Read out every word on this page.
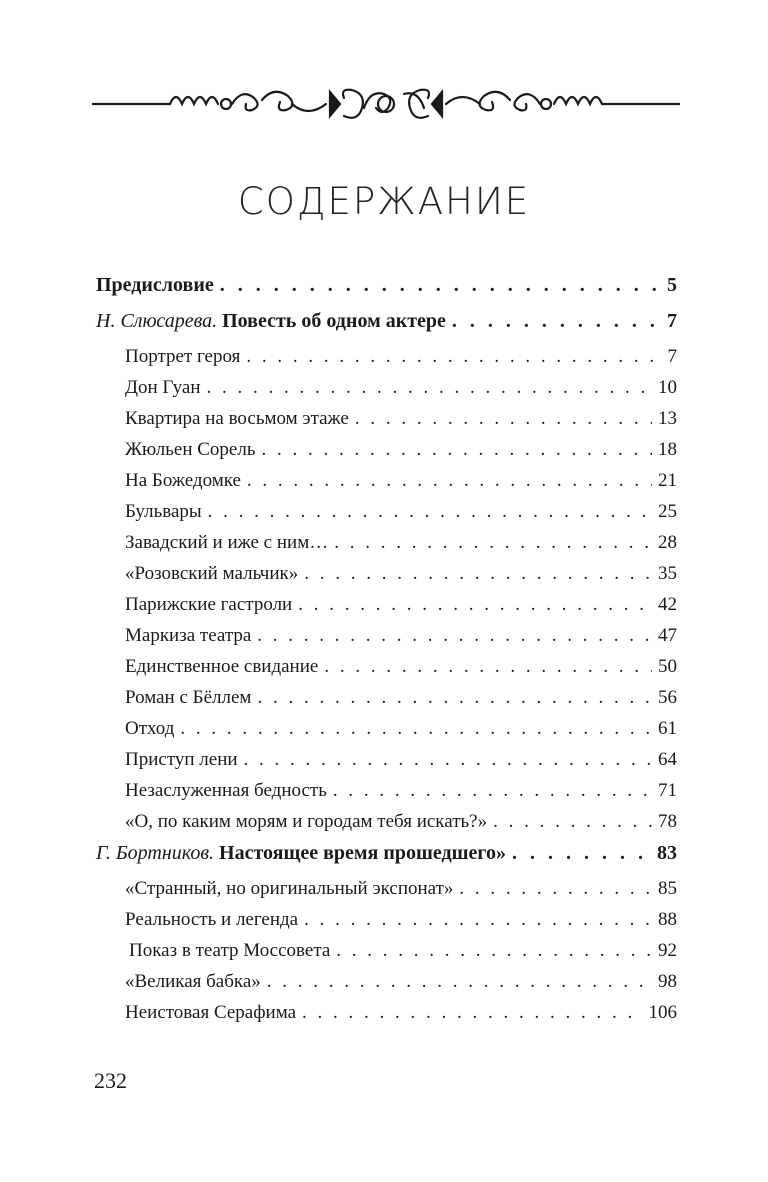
СОДЕРЖАНИЕ
Предисловие . . .	5
Н. Слюсарева. Повесть об одном актере . . .	7
Портрет героя . . .	7
Дон Гуан . . .	10
Квартира на восьмом этаже . . .	13
Жюльен Сорель . . .	18
На Божедомке . . .	21
Бульвары . . .	25
Завадский и иже с ним… . . .	28
«Розовский мальчик» . . .	35
Парижские гастроли . . .	42
Маркиза театра . . .	47
Единственное свидание . . .	50
Роман с Бёллем . . .	56
Отход . . .	61
Приступ лени . . .	64
Незаслуженная бедность . . .	71
«О, по каким морям и городам тебя искать?» . . .	78
Г. Бортников. Настоящее время прошедшего» . . .	83
«Странный, но оригинальный экспонат» . . .	85
Реальность и легенда . . .	88
Показ в театр Моссовета . . .	92
«Великая бабка» . . .	98
Неистовая Серафима . . .	106
232
